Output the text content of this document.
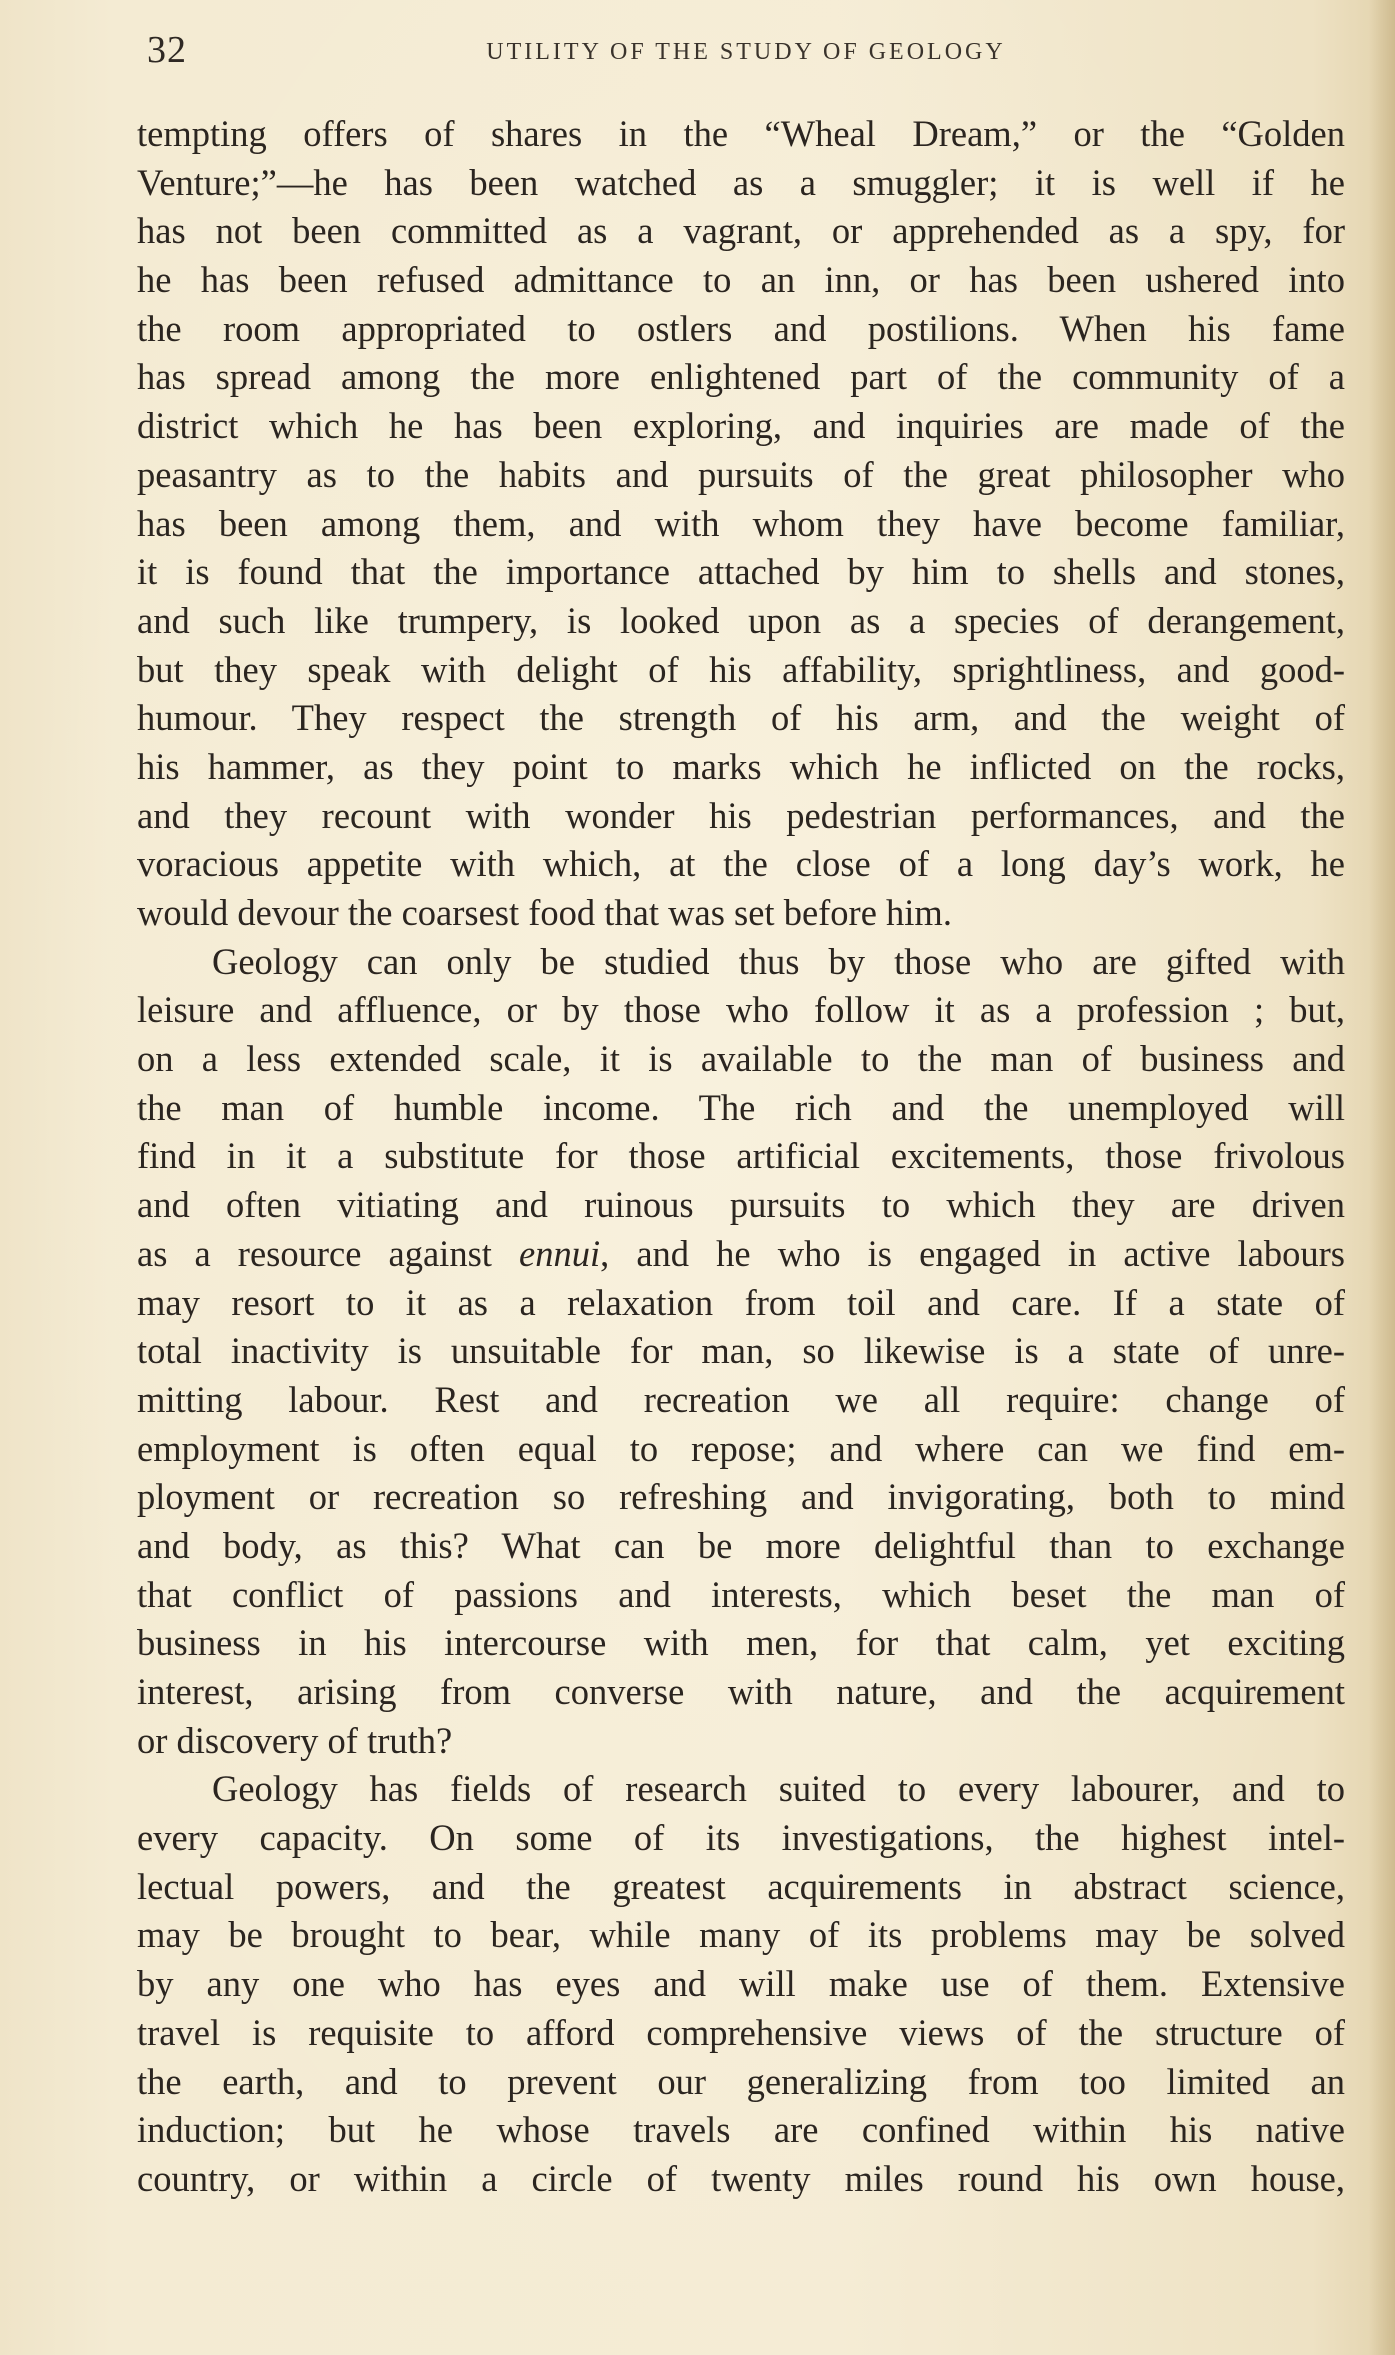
32	UTILITY OF THE STUDY OF GEOLOGY
tempting offers of shares in the “Wheal Dream,” or the “Golden
Venture;”—he has been watched as a smuggler; it is well if he
has not been committed as a vagrant, or apprehended as a spy, for
he has been refused admittance to an inn, or has been ushered into
the room appropriated to ostlers and postilions. When his fame
has spread among the more enlightened part of the community of a
district which he has been exploring, and inquiries are made of the
peasantry as to the habits and pursuits of the great philosopher who
has been among them, and with whom they have become familiar,
it is found that the importance attached by him to shells and stones,
and such like trumpery, is looked upon as a species of derangement,
but they speak with delight of his affability, sprightliness, and good-
humour. They respect the strength of his arm, and the weight of
his hammer, as they point to marks which he inflicted on the rocks,
and they recount with wonder his pedestrian performances, and the
voracious appetite with which, at the close of a long day’s work, he
would devour the coarsest food that was set before him.
Geology can only be studied thus by those who are gifted with
leisure and affluence, or by those who follow it as a profession ; but,
on a less extended scale, it is available to the man of business and
the man of humble income. The rich and the unemployed will
find in it a substitute for those artificial excitements, those frivolous
and often vitiating and ruinous pursuits to which they are driven
as a resource against ennui, and he who is engaged in active labours
may resort to it as a relaxation from toil and care. If a state of
total inactivity is unsuitable for man, so likewise is a state of unre-
mitting labour. Rest and recreation we all require: change of
employment is often equal to repose; and where can we find em-
ployment or recreation so refreshing and invigorating, both to mind
and body, as this? What can be more delightful than to exchange
that conflict of passions and interests, which beset the man of
business in his intercourse with men, for that calm, yet exciting
interest, arising from converse with nature, and the acquirement
or discovery of truth?
Geology has fields of research suited to every labourer, and to
every capacity. On some of its investigations, the highest intel-
lectual powers, and the greatest acquirements in abstract science,
may be brought to bear, while many of its problems may be solved
by any one who has eyes and will make use of them. Extensive
travel is requisite to afford comprehensive views of the structure of
the earth, and to prevent our generalizing from too limited an
induction; but he whose travels are confined within his native
country, or within a circle of twenty miles round his own house,
